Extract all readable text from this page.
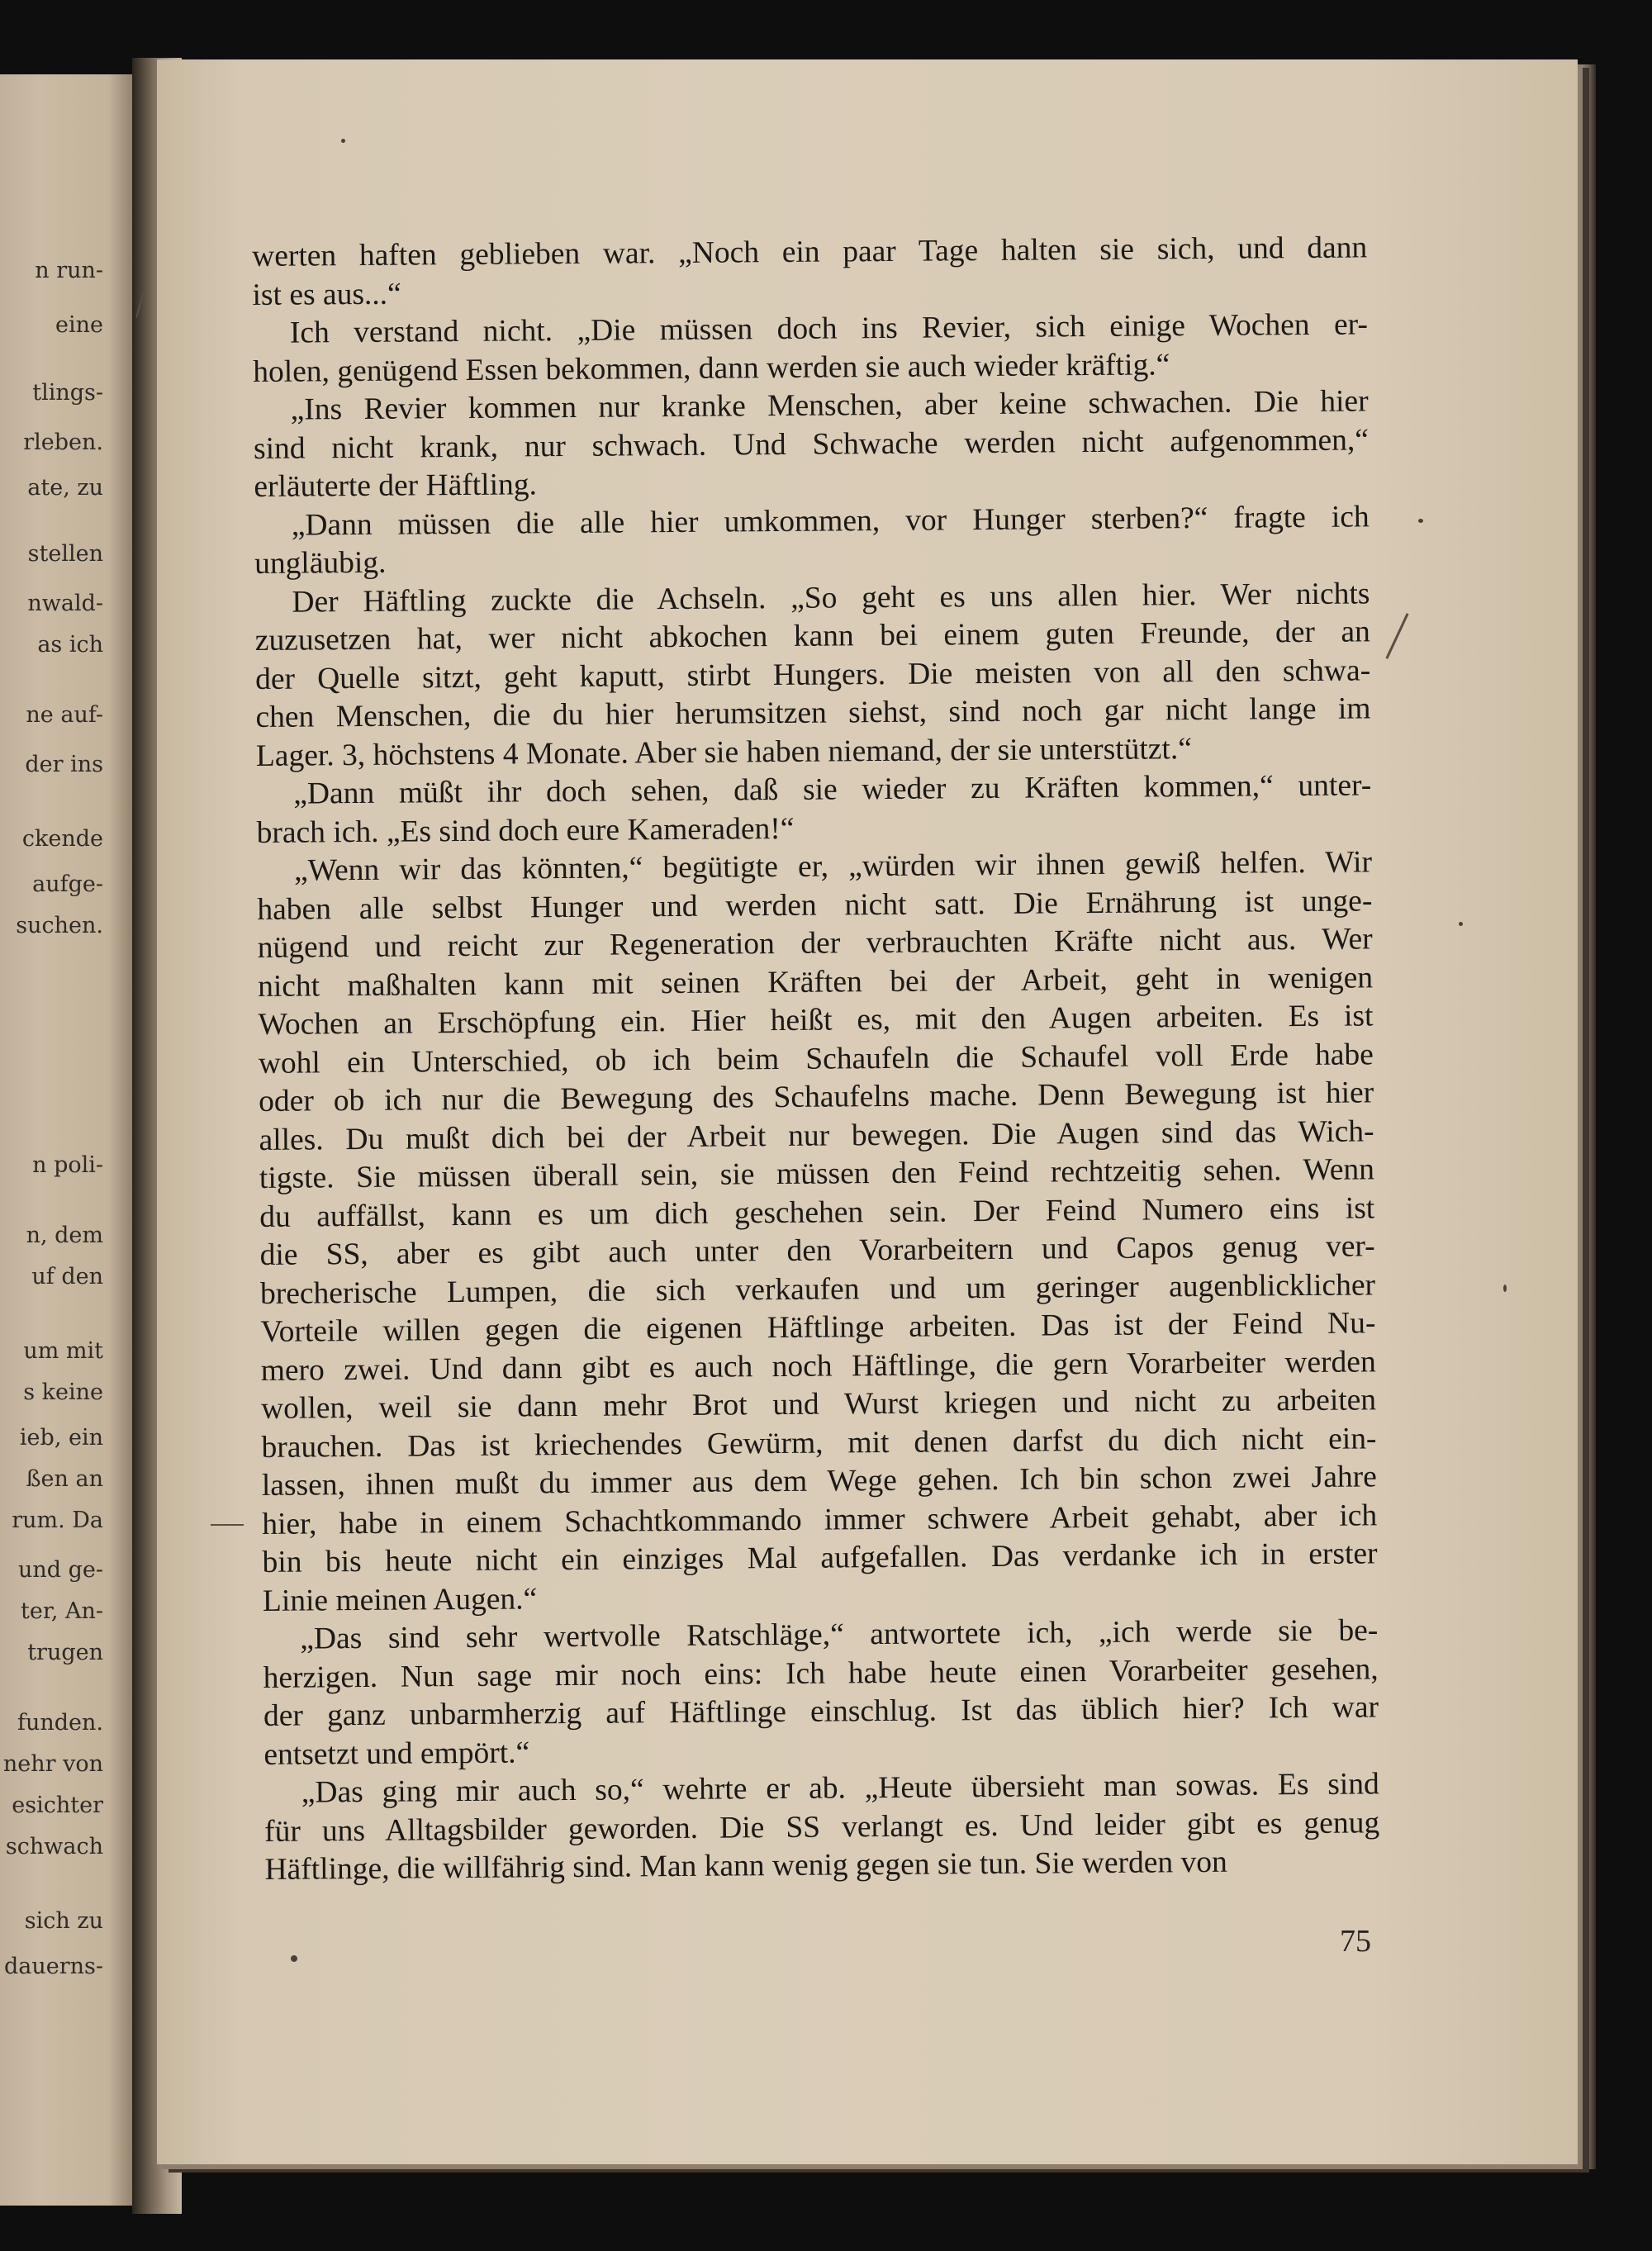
n run-
eine
tlings-
rleben.
ate, zu
stellen
nwald-
as ich
ne auf-
der ins
ckende
aufge-
suchen.
n poli-
n, dem
uf den
um mit
s keine
ieb, ein
ßen an
rum. Da
und ge-
ter, An-
trugen
funden.
nehr von
esichter
schwach
sich zu
dauerns-
werten haften geblieben war. „Noch ein paar Tage halten sie sich, und dann
ist es aus...“
Ich verstand nicht. „Die müssen doch ins Revier, sich einige Wochen er-
holen, genügend Essen bekommen, dann werden sie auch wieder kräftig.“
„Ins Revier kommen nur kranke Menschen, aber keine schwachen. Die hier
sind nicht krank, nur schwach. Und Schwache werden nicht aufgenommen,“
erläuterte der Häftling.
„Dann müssen die alle hier umkommen, vor Hunger sterben?“ fragte ich
ungläubig.
Der Häftling zuckte die Achseln. „So geht es uns allen hier. Wer nichts
zuzusetzen hat, wer nicht abkochen kann bei einem guten Freunde, der an
der Quelle sitzt, geht kaputt, stirbt Hungers. Die meisten von all den schwa-
chen Menschen, die du hier herumsitzen siehst, sind noch gar nicht lange im
Lager. 3, höchstens 4 Monate. Aber sie haben niemand, der sie unterstützt.“
„Dann müßt ihr doch sehen, daß sie wieder zu Kräften kommen,“ unter-
brach ich. „Es sind doch eure Kameraden!“
„Wenn wir das könnten,“ begütigte er, „würden wir ihnen gewiß helfen. Wir
haben alle selbst Hunger und werden nicht satt. Die Ernährung ist unge-
nügend und reicht zur Regeneration der verbrauchten Kräfte nicht aus. Wer
nicht maßhalten kann mit seinen Kräften bei der Arbeit, geht in wenigen
Wochen an Erschöpfung ein. Hier heißt es, mit den Augen arbeiten. Es ist
wohl ein Unterschied, ob ich beim Schaufeln die Schaufel voll Erde habe
oder ob ich nur die Bewegung des Schaufelns mache. Denn Bewegung ist hier
alles. Du mußt dich bei der Arbeit nur bewegen. Die Augen sind das Wich-
tigste. Sie müssen überall sein, sie müssen den Feind rechtzeitig sehen. Wenn
du auffällst, kann es um dich geschehen sein. Der Feind Numero eins ist
die SS, aber es gibt auch unter den Vorarbeitern und Capos genug ver-
brecherische Lumpen, die sich verkaufen und um geringer augenblicklicher
Vorteile willen gegen die eigenen Häftlinge arbeiten. Das ist der Feind Nu-
mero zwei. Und dann gibt es auch noch Häftlinge, die gern Vorarbeiter werden
wollen, weil sie dann mehr Brot und Wurst kriegen und nicht zu arbeiten
brauchen. Das ist kriechendes Gewürm, mit denen darfst du dich nicht ein-
lassen, ihnen mußt du immer aus dem Wege gehen. Ich bin schon zwei Jahre
hier, habe in einem Schachtkommando immer schwere Arbeit gehabt, aber ich
bin bis heute nicht ein einziges Mal aufgefallen. Das verdanke ich in erster
Linie meinen Augen.“
„Das sind sehr wertvolle Ratschläge,“ antwortete ich, „ich werde sie be-
herzigen. Nun sage mir noch eins: Ich habe heute einen Vorarbeiter gesehen,
der ganz unbarmherzig auf Häftlinge einschlug. Ist das üblich hier? Ich war
entsetzt und empört.“
„Das ging mir auch so,“ wehrte er ab. „Heute übersieht man sowas. Es sind
für uns Alltagsbilder geworden. Die SS verlangt es. Und leider gibt es genug
Häftlinge, die willfährig sind. Man kann wenig gegen sie tun. Sie werden von
75
